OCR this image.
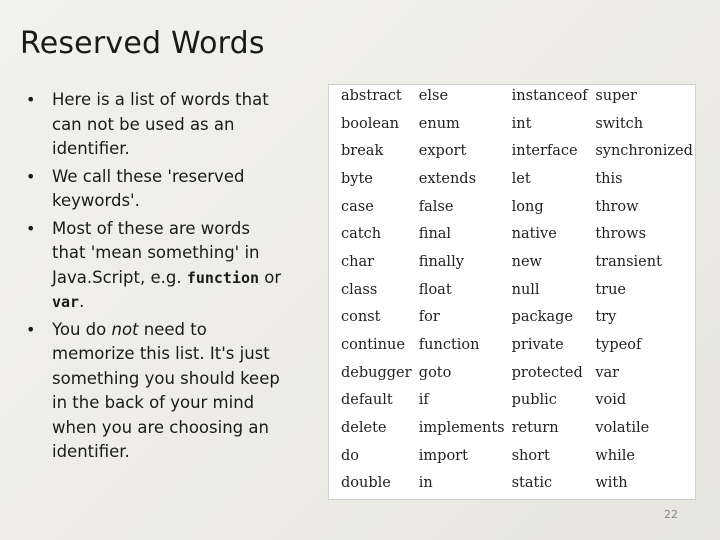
Reserved Words
• Here is a list of words that can not be used as an identifier.
• We call these 'reserved keywords'.
• Most of these are words that 'mean something' in Java.Script, e.g. function or var.
• You do not need to memorize this list. It's just something you should keep in the back of your mind when you are choosing an identifier.
abstract	else	instanceof	super
boolean	enum	int	switch
break	export	interface	synchronized
byte	extends	let	this
case	false	long	throw
catch	final	native	throws
char	finally	new	transient
class	float	null	true
const	for	package	try
continue	function	private	typeof
debugger	goto	protected	var
default	if	public	void
delete	implements	return	volatile
do	import	short	while
double	in	static	with
22
